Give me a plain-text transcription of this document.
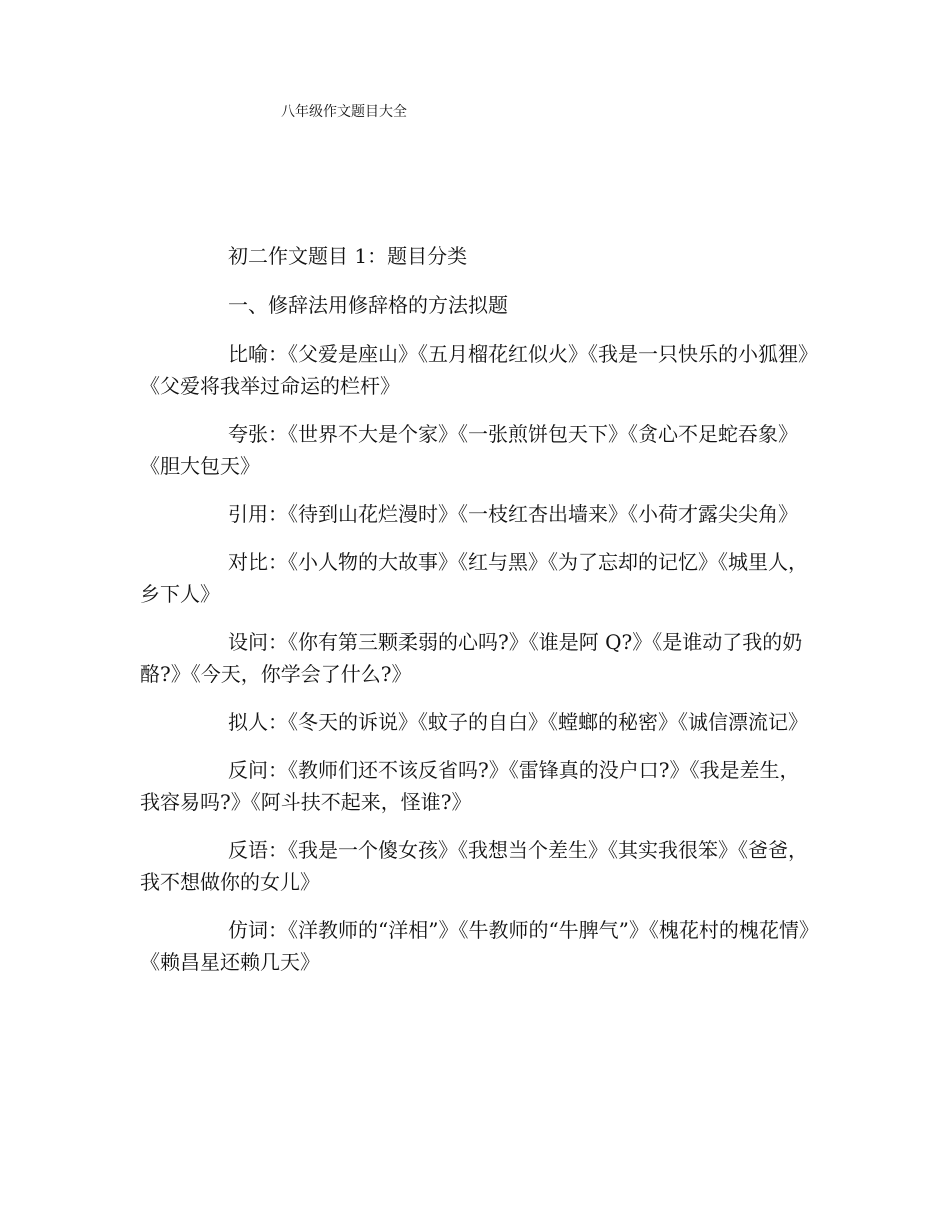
八年级作文题目大全

初二作文题目 1：题目分类

一、修辞法用修辞格的方法拟题

比喻：《父爱是座山》《五月榴花红似火》《我是一只快乐的小狐狸》《父爱将我举过命运的栏杆》

夸张：《世界不大是个家》《一张煎饼包天下》《贪心不足蛇吞象》《胆大包天》

引用：《待到山花烂漫时》《一枝红杏出墙来》《小荷才露尖尖角》

对比：《小人物的大故事》《红与黑》《为了忘却的记忆》《城里人，乡下人》

设问：《你有第三颗柔弱的心吗?》《谁是阿 Q?》《是谁动了我的奶酪?》《今天，你学会了什么?》

拟人：《冬天的诉说》《蚊子的自白》《螳螂的秘密》《诚信漂流记》

反问：《教师们还不该反省吗?》《雷锋真的没户口?》《我是差生，我容易吗?》《阿斗扶不起来，怪谁?》

反语：《我是一个傻女孩》《我想当个差生》《其实我很笨》《爸爸，我不想做你的女儿》

仿词：《洋教师的“洋相”》《牛教师的“牛脾气”》《槐花村的槐花情》《赖昌星还赖几天》
